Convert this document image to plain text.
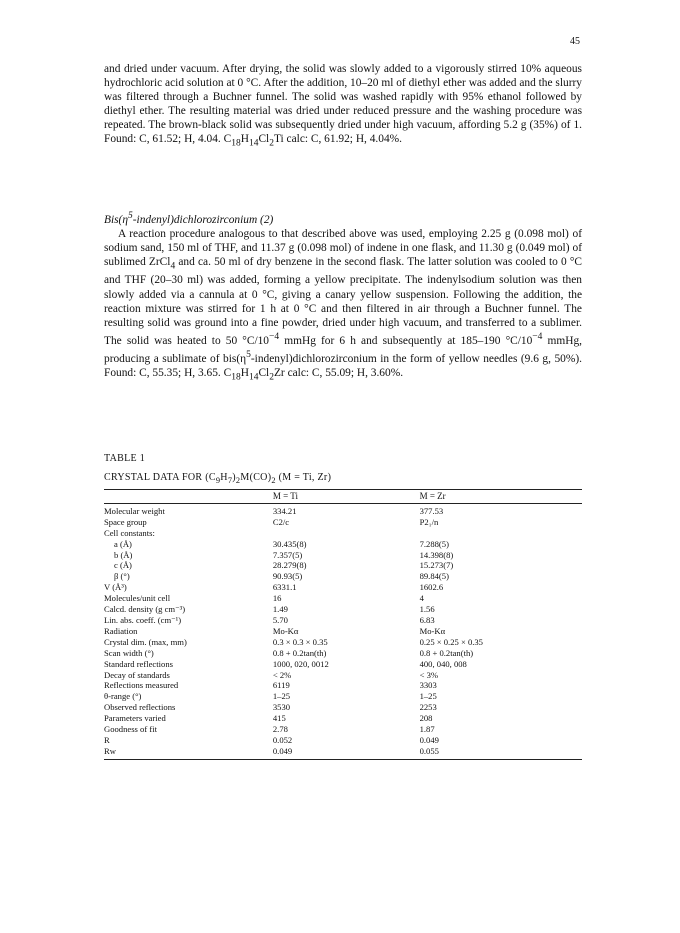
45

and dried under vacuum. After drying, the solid was slowly added to a vigorously stirred 10% aqueous hydrochloric acid solution at 0 °C. After the addition, 10–20 ml of diethyl ether was added and the slurry was filtered through a Buchner funnel. The solid was washed rapidly with 95% ethanol followed by diethyl ether. The resulting material was dried under reduced pressure and the washing procedure was repeated. The brown-black solid was subsequently dried under high vacuum, affording 5.2 g (35%) of 1. Found: C, 61.52; H, 4.04. $C_{18}H_{14}Cl_2Ti$ calc: C, 61.92; H, 4.04%.

$Bis(\eta^5-indenyl)dichlorozirconium$ (2)

A reaction procedure analogous to that described above was used, employing 2.25 g (0.098 mol) of sodium sand, 150 ml of THF, and 11.37 g (0.098 mol) of indene in one flask, and 11.30 g (0.049 mol) of sublimed ZrCl$_4$ and ca. 50 ml of dry benzene in the second flask. The latter solution was cooled to 0 °C and THF (20–30 ml) was added, forming a yellow precipitate. The indenylsodium solution was then slowly added via a cannula at 0 °C, giving a canary yellow suspension. Following the addition, the reaction mixture was stirred for 1 h at 0 °C and then filtered in air through a Buchner funnel. The resulting solid was ground into a fine powder, dried under high vacuum, and transferred to a sublimer. The solid was heated to 50 $^\circ C/10^{-4}$ mmHg for 6 h and subsequently at 185–190 $^\circ C/10^{-4}$ mmHg, producing a sublimate of $bis(\eta^5-indenyl)dichlorozirconium$ in the form of yellow needles (9.6 g, 50%). Found: C, 55.35; H, 3.65. $C_{18}H_{14}Cl_2Zr$ calc: C, 55.09; H, 3.60%.

TABLE 1
CRYSTAL DATA FOR $(C_9H_7)_2M(CO)_2$ (M = Ti, Zr)
	M = Ti	M = Zr
Molecular weight	334.21	377.53
Space group	C2/c	P2₁/n
Cell constants:		
a (Å)	30.435(8)	7.288(5)
b (Å)	7.357(5)	14.398(8)
c (Å)	28.279(8)	15.273(7)
β (°)	90.93(5)	89.84(5)
V (Å³)	6331.1	1602.6
Molecules/unit cell	16	4
Calcd. density (g cm⁻³)	1.49	1.56
Lin. abs. coeff. (cm⁻¹)	5.70	6.83
Radiation	Mo-Kα	Mo-Kα
Crystal dim. (max, mm)	0.3 × 0.3 × 0.35	0.25 × 0.25 × 0.35
Scan width (°)	0.8 + 0.2tan(th)	0.8 + 0.2tan(th)
Standard reflections	1000, 020, 0012	400, 040, 008
Decay of standards	< 2%	< 3%
Reflections measured	6119	3303
θ-range (°)	1–25	1–25
Observed reflections	3530	2253
Parameters varied	415	208
Goodness of fit	2.78	1.87
R	0.052	0.049
Rw	0.049	0.055
